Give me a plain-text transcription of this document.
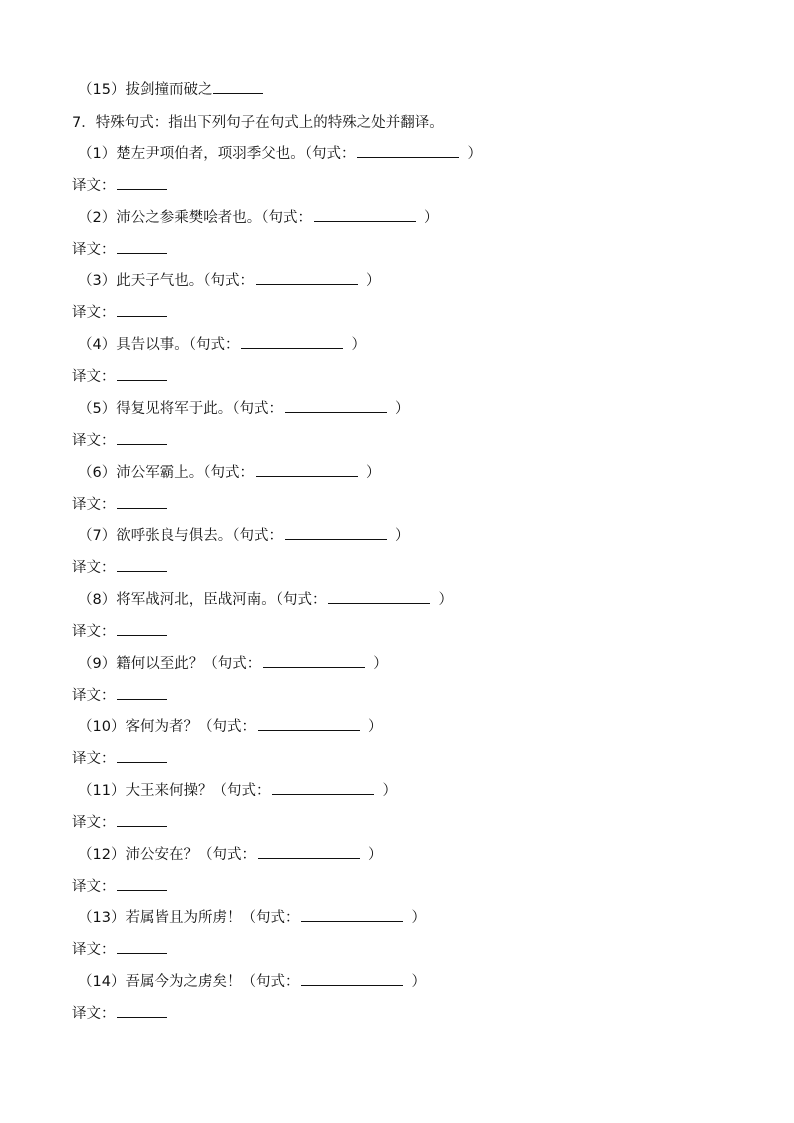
（15）拔剑撞而破之
7．特殊句式：指出下列句子在句式上的特殊之处并翻译。
（1）楚左尹项伯者，项羽季父也。（句式：	）
译文：
（2）沛公之参乘樊哙者也。（句式：	）
译文：
（3）此天子气也。（句式：	）
译文：
（4）具告以事。（句式：	）
译文：
（5）得复见将军于此。（句式：	）
译文：
（6）沛公军霸上。（句式：	）
译文：
（7）欲呼张良与俱去。（句式：	）
译文：
（8）将军战河北，臣战河南。（句式：	）
译文：
（9）籍何以至此？（句式：	）
译文：
（10）客何为者？（句式：	）
译文：
（11）大王来何操？（句式：	）
译文：
（12）沛公安在？（句式：	）
译文：
（13）若属皆且为所虏！（句式：	）
译文：
（14）吾属今为之虏矣！（句式：	）
译文：
